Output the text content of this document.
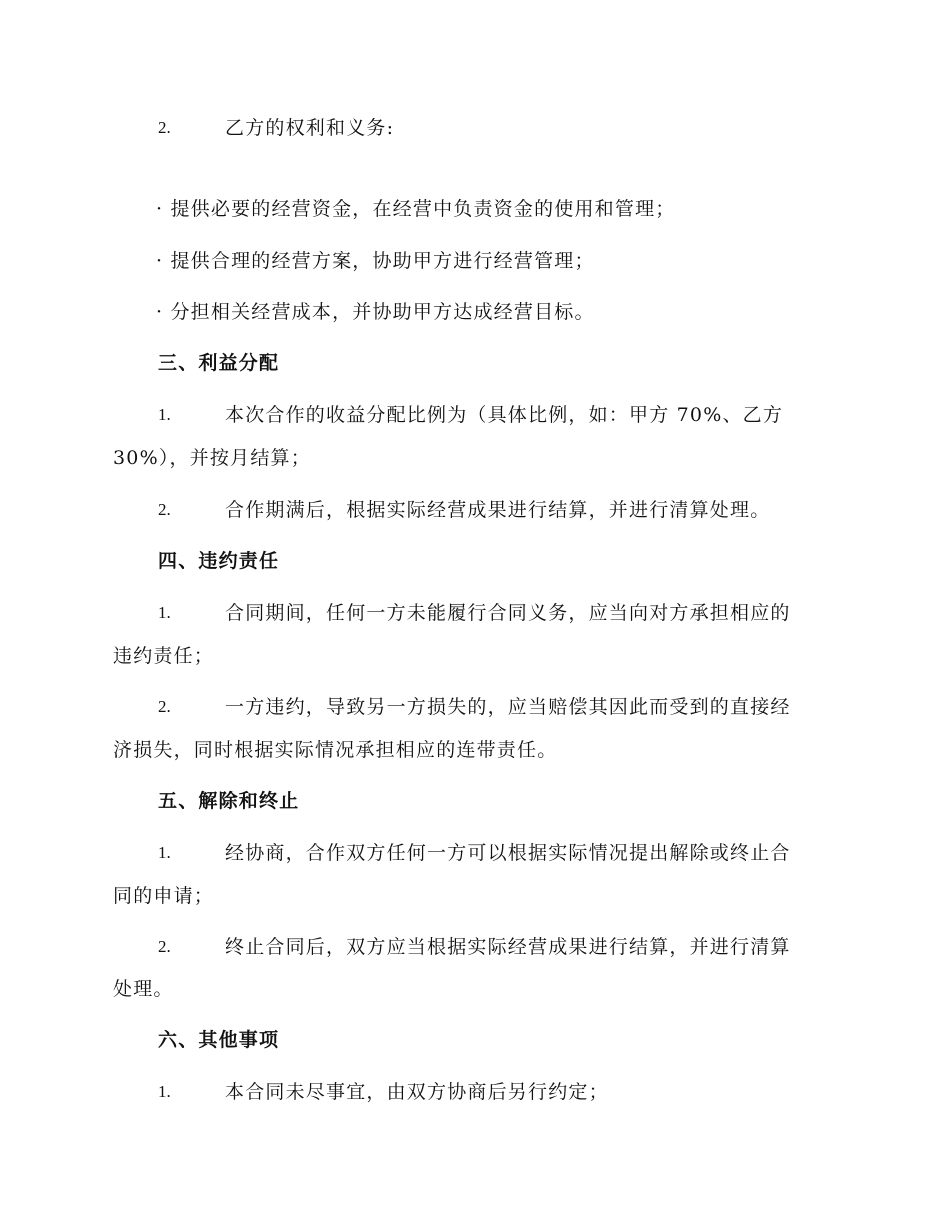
2.	乙方的权利和义务:
· 提供必要的经营资金，在经营中负责资金的使用和管理；
· 提供合理的经营方案，协助甲方进行经营管理；
· 分担相关经营成本，并协助甲方达成经营目标。
三、利益分配
1.	本次合作的收益分配比例为（具体比例，如：甲方 70%、乙方
30%），并按月结算；
2.	合作期满后，根据实际经营成果进行结算，并进行清算处理。
四、违约责任
1.	合同期间，任何一方未能履行合同义务，应当向对方承担相应的
违约责任；
2.	一方违约，导致另一方损失的，应当赔偿其因此而受到的直接经
济损失，同时根据实际情况承担相应的连带责任。
五、解除和终止
1.	经协商，合作双方任何一方可以根据实际情况提出解除或终止合
同的申请；
2.	终止合同后，双方应当根据实际经营成果进行结算，并进行清算
处理。
六、其他事项
1.	本合同未尽事宜，由双方协商后另行约定；
